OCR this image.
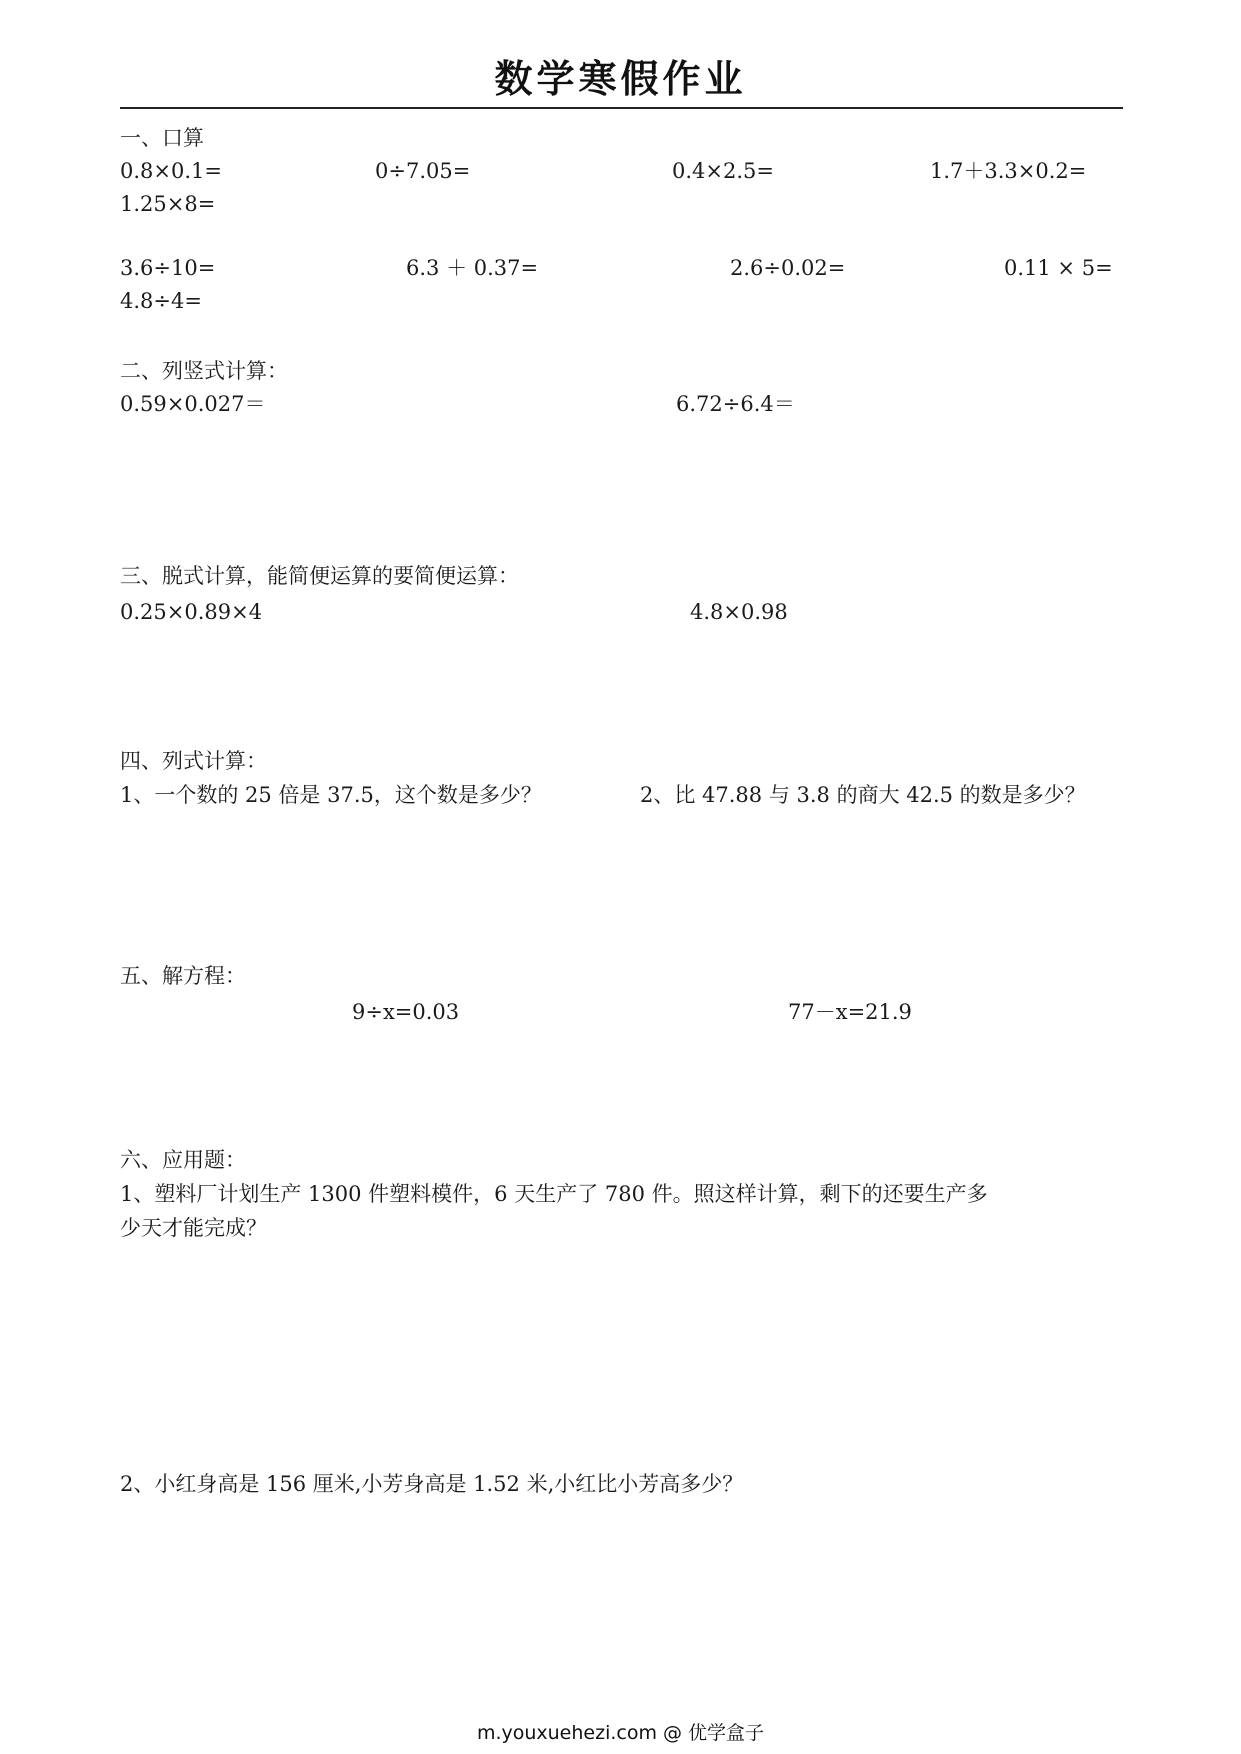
数学寒假作业
一、口算
0.8×0.1=	0÷7.05=	0.4×2.5=	1.7＋3.3×0.2=
1.25×8=
3.6÷10=	6.3 ＋ 0.37=	2.6÷0.02=	0.11 × 5=
4.8÷4=
二、列竖式计算：
0.59×0.027＝	6.72÷6.4＝
三、脱式计算，能简便运算的要简便运算：
0.25×0.89×4	4.8×0.98
四、列式计算：
1、一个数的 25 倍是 37.5，这个数是多少？	2、比 47.88 与 3.8 的商大 42.5 的数是多少？
五、解方程：
9÷x=0.03	77－x=21.9
六、应用题：
1、塑料厂计划生产 1300 件塑料模件，6 天生产了 780 件。照这样计算，剩下的还要生产多
少天才能完成？
2、小红身高是 156 厘米,小芳身高是 1.52 米,小红比小芳高多少？
m.youxuehezi.com @ 优学盒子
